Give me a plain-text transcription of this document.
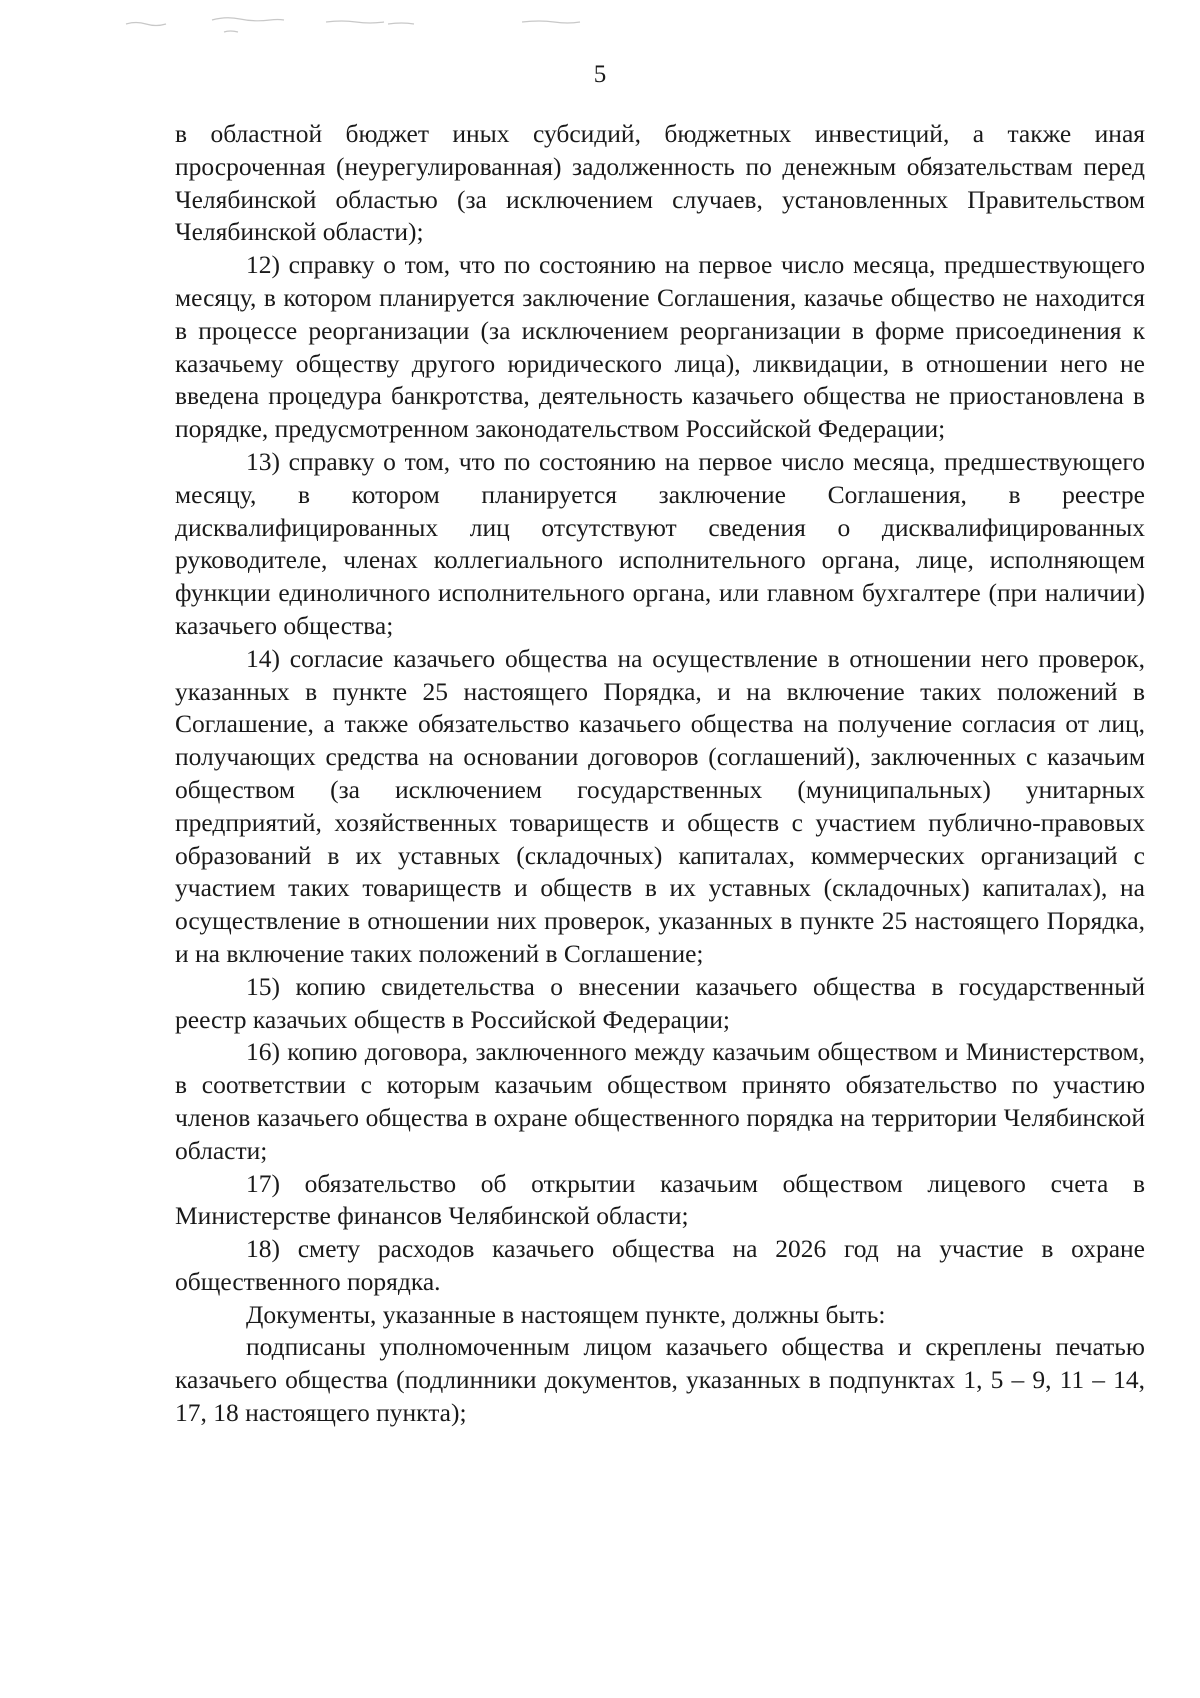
5

в областной бюджет иных субсидий, бюджетных инвестиций, а также иная просроченная (неурегулированная) задолженность по денежным обязательствам перед Челябинской областью (за исключением случаев, установленных Правительством Челябинской области);

12) справку о том, что по состоянию на первое число месяца, предшествующего месяцу, в котором планируется заключение Соглашения, казачье общество не находится в процессе реорганизации (за исключением реорганизации в форме присоединения к казачьему обществу другого юридического лица), ликвидации, в отношении него не введена процедура банкротства, деятельность казачьего общества не приостановлена в порядке, предусмотренном законодательством Российской Федерации;

13) справку о том, что по состоянию на первое число месяца, предшествующего месяцу, в котором планируется заключение Соглашения, в реестре дисквалифицированных лиц отсутствуют сведения о дисквалифицированных руководителе, членах коллегиального исполнительного органа, лице, исполняющем функции единоличного исполнительного органа, или главном бухгалтере (при наличии) казачьего общества;

14) согласие казачьего общества на осуществление в отношении него проверок, указанных в пункте 25 настоящего Порядка, и на включение таких положений в Соглашение, а также обязательство казачьего общества на получение согласия от лиц, получающих средства на основании договоров (соглашений), заключенных с казачьим обществом (за исключением государственных (муниципальных) унитарных предприятий, хозяйственных товариществ и обществ с участием публично-правовых образований в их уставных (складочных) капиталах, коммерческих организаций с участием таких товариществ и обществ в их уставных (складочных) капиталах), на осуществление в отношении них проверок, указанных в пункте 25 настоящего Порядка, и на включение таких положений в Соглашение;

15) копию свидетельства о внесении казачьего общества в государственный реестр казачьих обществ в Российской Федерации;

16) копию договора, заключенного между казачьим обществом и Министерством, в соответствии с которым казачьим обществом принято обязательство по участию членов казачьего общества в охране общественного порядка на территории Челябинской области;

17) обязательство об открытии казачьим обществом лицевого счета в Министерстве финансов Челябинской области;

18) смету расходов казачьего общества на 2026 год на участие в охране общественного порядка.

Документы, указанные в настоящем пункте, должны быть:

подписаны уполномоченным лицом казачьего общества и скреплены печатью казачьего общества (подлинники документов, указанных в подпунктах 1, 5 – 9, 11 – 14, 17, 18 настоящего пункта);
